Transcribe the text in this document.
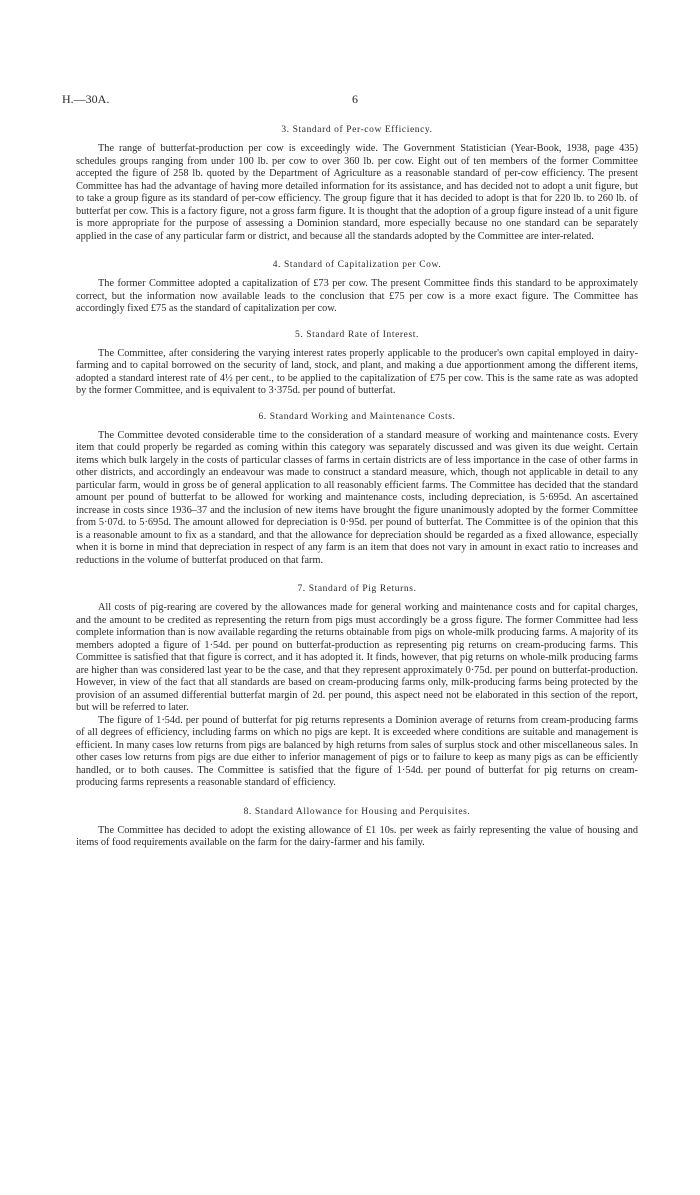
H.—30A.	6
3. Standard of Per-cow Efficiency.

The range of butterfat-production per cow is exceedingly wide. The Government Statistician (Year-Book, 1938, page 435) schedules groups ranging from under 100 lb. per cow to over 360 lb. per cow. Eight out of ten members of the former Committee accepted the figure of 258 lb. quoted by the Department of Agriculture as a reasonable standard of per-cow efficiency. The present Committee has had the advantage of having more detailed information for its assistance, and has decided not to adopt a unit figure, but to take a group figure as its standard of per-cow efficiency. The group figure that it has decided to adopt is that for 220 lb. to 260 lb. of butterfat per cow. This is a factory figure, not a gross farm figure. It is thought that the adoption of a group figure instead of a unit figure is more appropriate for the purpose of assessing a Dominion standard, more especially because no one standard can be separately applied in the case of any particular farm or district, and because all the standards adopted by the Committee are inter-related.

4. Standard of Capitalization per Cow.

The former Committee adopted a capitalization of £73 per cow. The present Committee finds this standard to be approximately correct, but the information now available leads to the conclusion that £75 per cow is a more exact figure. The Committee has accordingly fixed £75 as the standard of capitalization per cow.

5. Standard Rate of Interest.

The Committee, after considering the varying interest rates properly applicable to the producer's own capital employed in dairy-farming and to capital borrowed on the security of land, stock, and plant, and making a due apportionment among the different items, adopted a standard interest rate of 4½ per cent., to be applied to the capitalization of £75 per cow. This is the same rate as was adopted by the former Committee, and is equivalent to 3·375d. per pound of butterfat.

6. Standard Working and Maintenance Costs.

The Committee devoted considerable time to the consideration of a standard measure of working and maintenance costs. Every item that could properly be regarded as coming within this category was separately discussed and was given its due weight. Certain items which bulk largely in the costs of particular classes of farms in certain districts are of less importance in the case of other farms in other districts, and accordingly an endeavour was made to construct a standard measure, which, though not applicable in detail to any particular farm, would in gross be of general application to all reasonably efficient farms. The Committee has decided that the standard amount per pound of butterfat to be allowed for working and maintenance costs, including depreciation, is 5·695d. An ascertained increase in costs since 1936–37 and the inclusion of new items have brought the figure unanimously adopted by the former Committee from 5·07d. to 5·695d. The amount allowed for depreciation is 0·95d. per pound of butterfat. The Committee is of the opinion that this is a reasonable amount to fix as a standard, and that the allowance for depreciation should be regarded as a fixed allowance, especially when it is borne in mind that depreciation in respect of any farm is an item that does not vary in amount in exact ratio to increases and reductions in the volume of butterfat produced on that farm.

7. Standard of Pig Returns.

All costs of pig-rearing are covered by the allowances made for general working and maintenance costs and for capital charges, and the amount to be credited as representing the return from pigs must accordingly be a gross figure. The former Committee had less complete information than is now available regarding the returns obtainable from pigs on whole-milk producing farms. A majority of its members adopted a figure of 1·54d. per pound on butterfat-production as representing pig returns on cream-producing farms. This Committee is satisfied that that figure is correct, and it has adopted it. It finds, however, that pig returns on whole-milk producing farms are higher than was considered last year to be the case, and that they represent approximately 0·75d. per pound on butterfat-production. However, in view of the fact that all standards are based on cream-producing farms only, milk-producing farms being protected by the provision of an assumed differential butterfat margin of 2d. per pound, this aspect need not be elaborated in this section of the report, but will be referred to later.

The figure of 1·54d. per pound of butterfat for pig returns represents a Dominion average of returns from cream-producing farms of all degrees of efficiency, including farms on which no pigs are kept. It is exceeded where conditions are suitable and management is efficient. In many cases low returns from pigs are balanced by high returns from sales of surplus stock and other miscellaneous sales. In other cases low returns from pigs are due either to inferior management of pigs or to failure to keep as many pigs as can be efficiently handled, or to both causes. The Committee is satisfied that the figure of 1·54d. per pound of butterfat for pig returns on cream-producing farms represents a reasonable standard of efficiency.

8. Standard Allowance for Housing and Perquisites.

The Committee has decided to adopt the existing allowance of £1 10s. per week as fairly representing the value of housing and items of food requirements available on the farm for the dairy-farmer and his family.
